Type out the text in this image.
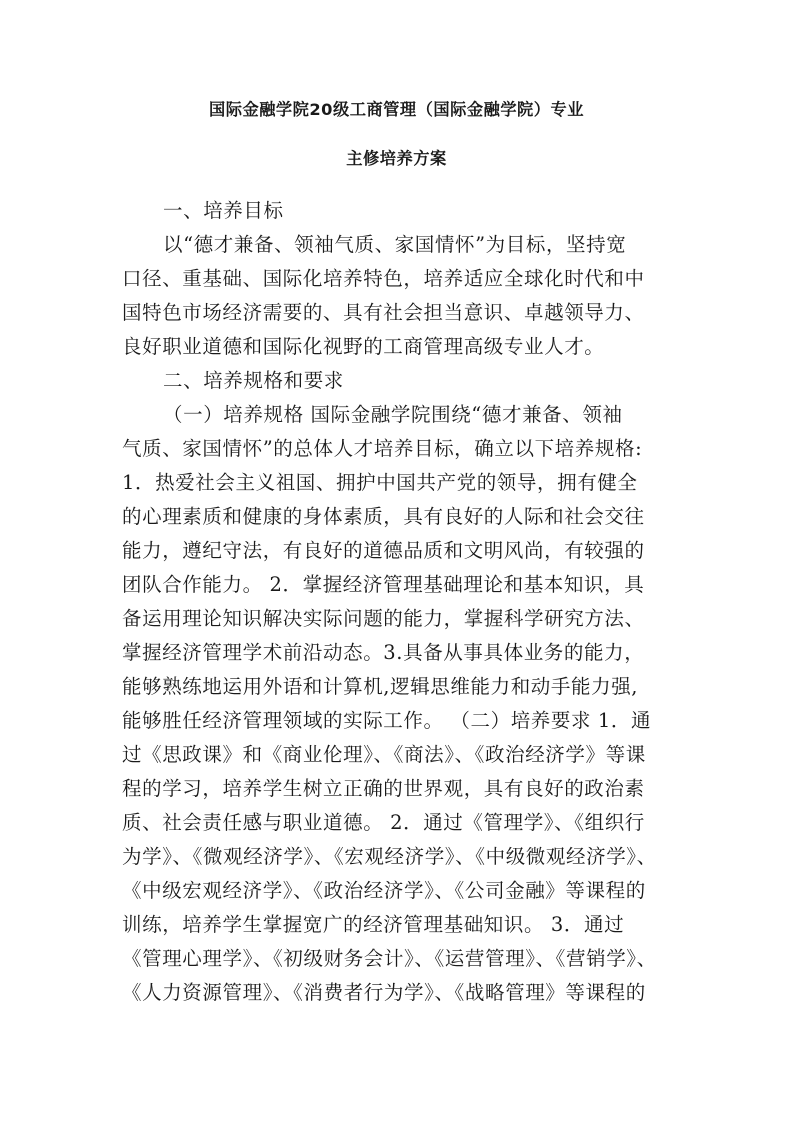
国际金融学院20级工商管理（国际金融学院）专业
主修培养方案
一、培养目标
以“德才兼备、领袖气质、家国情怀”为目标，坚持宽
口径、重基础、国际化培养特色，培养适应全球化时代和中
国特色市场经济需要的、具有社会担当意识、卓越领导力、
良好职业道德和国际化视野的工商管理高级专业人才。
二、培养规格和要求
（一）培养规格 国际金融学院围绕“德才兼备、领袖
气质、家国情怀”的总体人才培养目标，确立以下培养规格:
1．热爱社会主义祖国、拥护中国共产党的领导，拥有健全
的心理素质和健康的身体素质，具有良好的人际和社会交往
能力，遵纪守法，有良好的道德品质和文明风尚，有较强的
团队合作能力。 2．掌握经济管理基础理论和基本知识，具
备运用理论知识解决实际问题的能力，掌握科学研究方法、
掌握经济管理学术前沿动态。3.具备从事具体业务的能力，
能够熟练地运用外语和计算机,逻辑思维能力和动手能力强,
能够胜任经济管理领域的实际工作。 （二）培养要求 1．通
过《思政课》和《商业伦理》、《商法》、《政治经济学》等课
程的学习，培养学生树立正确的世界观，具有良好的政治素
质、社会责任感与职业道德。 2．通过《管理学》、《组织行
为学》、《微观经济学》、《宏观经济学》、《中级微观经济学》、
《中级宏观经济学》、《政治经济学》、《公司金融》等课程的
训练，培养学生掌握宽广的经济管理基础知识。 3．通过
《管理心理学》、《初级财务会计》、《运营管理》、《营销学》、
《人力资源管理》、《消费者行为学》、《战略管理》等课程的
